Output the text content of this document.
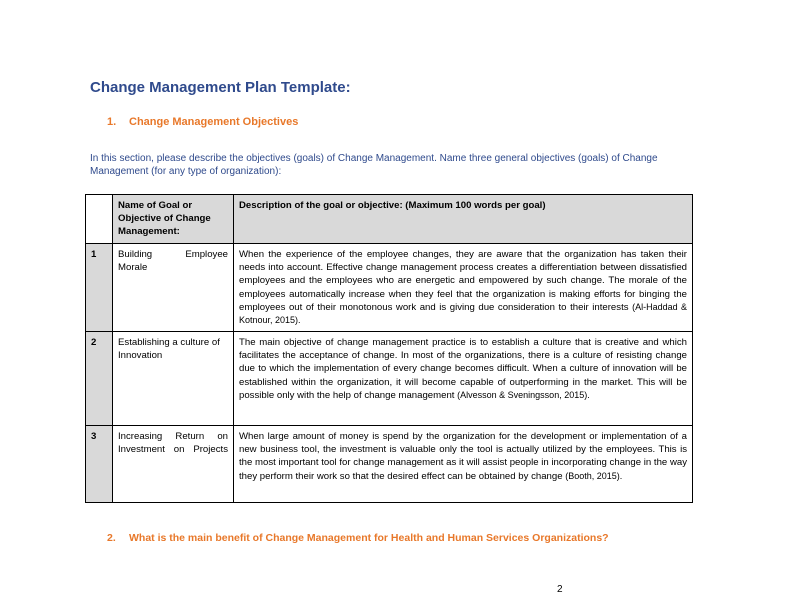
Change Management Plan Template:
1. Change Management Objectives
In this section, please describe the objectives (goals) of Change Management. Name three general objectives (goals) of Change Management (for any type of organization):
	Name of Goal or Objective of Change Management:	Description of the goal or objective: (Maximum 100 words per goal)
1	Building Employee Morale	When the experience of the employee changes, they are aware that the organization has taken their needs into account. Effective change management process creates a differentiation between dissatisfied employees and the employees who are energetic and empowered by such change. The morale of the employees automatically increase when they feel that the organization is making efforts for binging the employees out of their monotonous work and is giving due consideration to their interests (Al-Haddad & Kotnour, 2015).
2	Establishing a culture of Innovation	The main objective of change management practice is to establish a culture that is creative and which facilitates the acceptance of change. In most of the organizations, there is a culture of resisting change due to which the implementation of every change becomes difficult. When a culture of innovation will be established within the organization, it will become capable of outperforming in the market. This will be possible only with the help of change management (Alvesson & Sveningsson, 2015).
3	Increasing Return on Investment on Projects	When large amount of money is spend by the organization for the development or implementation of a new business tool, the investment is valuable only the tool is actually utilized by the employees. This is the most important tool for change management as it will assist people in incorporating change in the way they perform their work so that the desired effect can be obtained by change (Booth, 2015).
2. What is the main benefit of Change Management for Health and Human Services Organizations?
2
